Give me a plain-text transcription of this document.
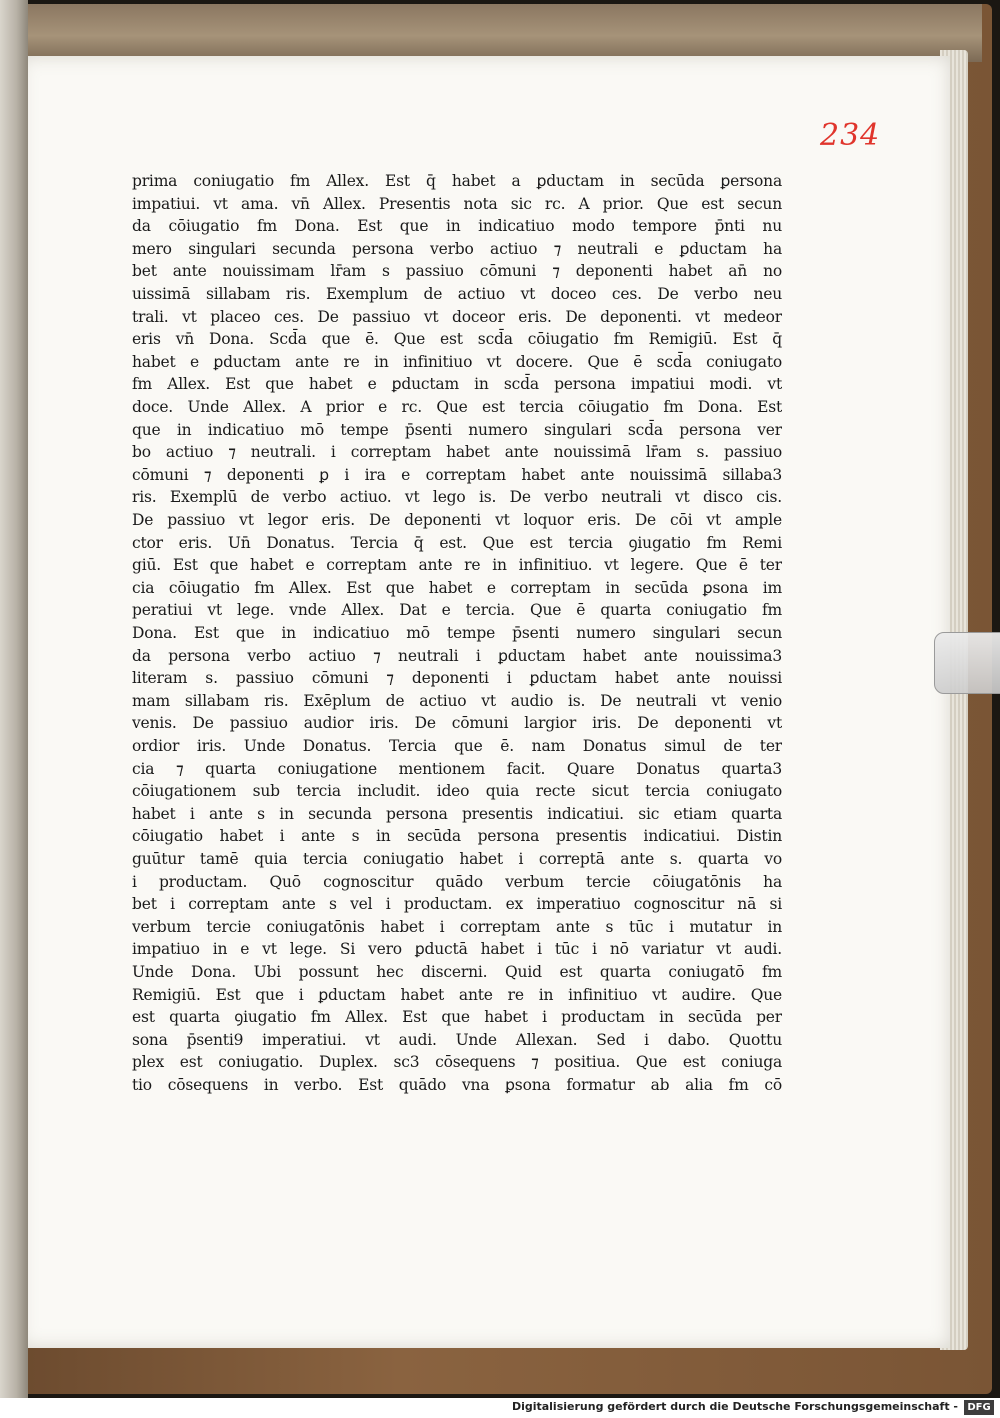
234
prima coniugatio fm Allex. Est q̄ habet a ꝑductam in secūda ꝑersona
impatiui. vt ama. vn̄ Allex. Presentis nota sic rc. A prior. Que est secun
da cōiugatio fm Dona. Est que in indicatiuo modo tempore p̄nti nu
mero singulari secunda persona verbo actiuo ⁊ neutrali e ꝑductam ha
bet ante nouissimam lr̄am s passiuo cōmuni ⁊ deponenti habet an̄ no
uissimā sillabam ris. Exemplum de actiuo vt doceo ces. De verbo neu
trali. vt placeo ces. De passiuo vt doceor eris. De deponenti. vt medeor
eris vn̄ Dona. Scd̄a que ē. Que est scd̄a cōiugatio fm Remigiū. Est q̄
habet e ꝑductam ante re in infinitiuo vt docere. Que ē scd̄a coniugato
fm Allex. Est que habet e ꝑductam in scd̄a persona impatiui modi. vt
doce. Unde Allex. A prior e rc. Que est tercia cōiugatio fm Dona. Est
que in indicatiuo mō tempe p̄senti numero singulari scd̄a persona ver
bo actiuo ⁊ neutrali. i correptam habet ante nouissimā lr̄am s. passiuo
cōmuni ⁊ deponenti ꝑ i ira e correptam habet ante nouissimā sillaba3
ris. Exemplū de verbo actiuo. vt lego is. De verbo neutrali vt disco cis.
De passiuo vt legor eris. De deponenti vt loquor eris. De cōi vt ample
ctor eris. Un̄ Donatus. Tercia q̄ est. Que est tercia ꝯiugatio fm Remi
giū. Est que habet e correptam ante re in infinitiuo. vt legere. Que ē ter
cia cōiugatio fm Allex. Est que habet e correptam in secūda ꝑsona im
peratiui vt lege. vnde Allex. Dat e tercia. Que ē quarta coniugatio fm
Dona. Est que in indicatiuo mō tempe p̄senti numero singulari secun
da persona verbo actiuo ⁊ neutrali i ꝑductam habet ante nouissima3
literam s. passiuo cōmuni ⁊ deponenti i ꝑductam habet ante nouissi
mam sillabam ris. Exēplum de actiuo vt audio is. De neutrali vt venio
venis. De passiuo audior iris. De cōmuni largior iris. De deponenti vt
ordior iris. Unde Donatus. Tercia que ē. nam Donatus simul de ter
cia ⁊ quarta coniugatione mentionem facit. Quare Donatus quarta3
cōiugationem sub tercia includit. ideo quia recte sicut tercia coniugato
habet i ante s in secunda persona presentis indicatiui. sic etiam quarta
cōiugatio habet i ante s in secūda persona presentis indicatiui. Distin
guūtur tamē quia tercia coniugatio habet i correptā ante s. quarta vo
i productam. Quō cognoscitur quādo verbum tercie cōiugatōnis ha
bet i correptam ante s vel i productam. ex imperatiuo cognoscitur nā si
verbum tercie coniugatōnis habet i correptam ante s tūc i mutatur in
impatiuo in e vt lege. Si vero ꝑductā habet i tūc i nō variatur vt audi.
Unde Dona. Ubi possunt hec discerni. Quid est quarta coniugatō fm
Remigiū. Est que i ꝑductam habet ante re in infinitiuo vt audire. Que
est quarta ꝯiugatio fm Allex. Est que habet i productam in secūda per
sona p̄senti9 imperatiui. vt audi. Unde Allexan. Sed i dabo. Quottu
plex est coniugatio. Duplex. sc3 cōsequens ⁊ positiua. Que est coniuga
tio cōsequens in verbo. Est quādo vna ꝑsona formatur ab alia fm cō
Digitalisierung gefördert durch die Deutsche Forschungsgemeinschaft - DFG
